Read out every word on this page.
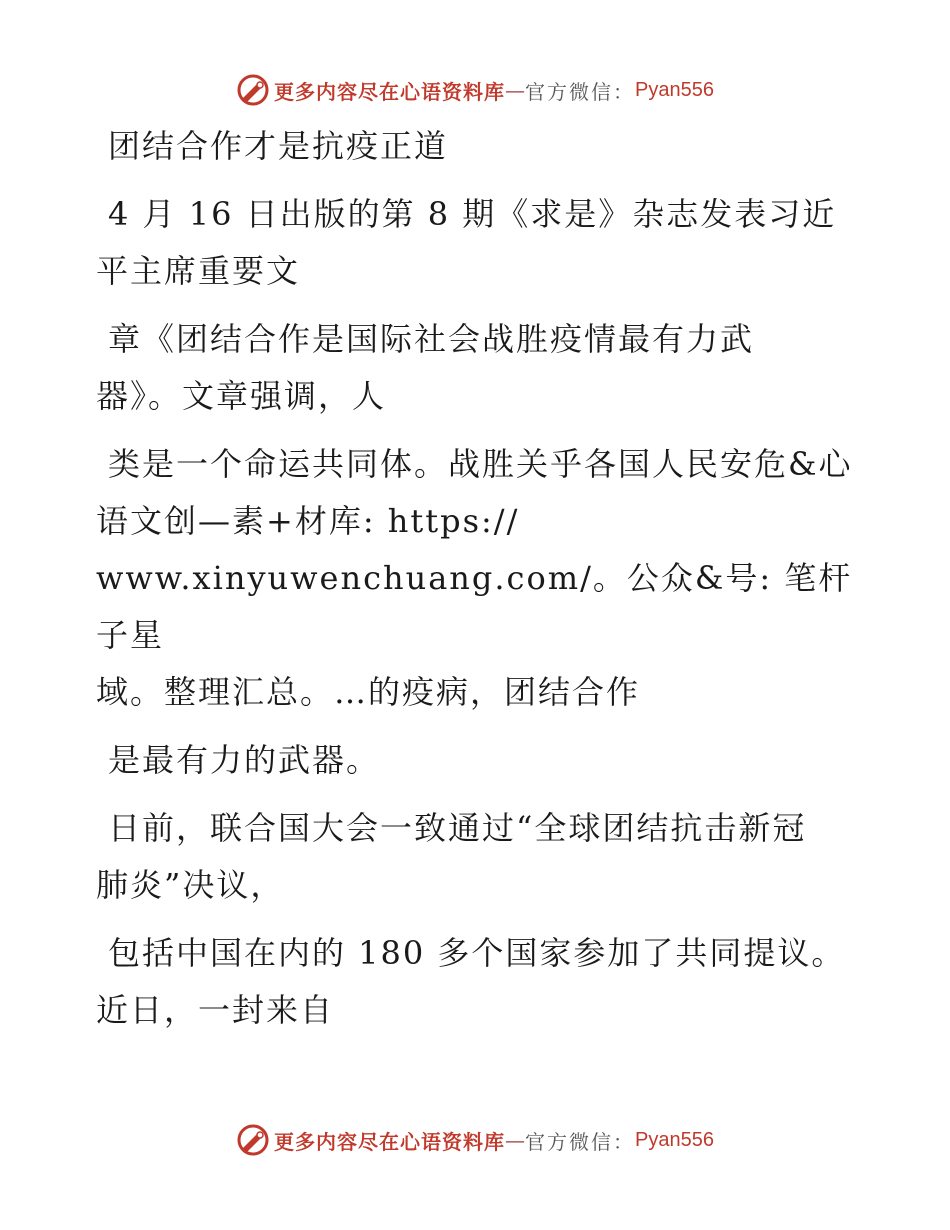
更多内容尽在心语资料库 — 官方微信： Pyan556
团结合作才是抗疫正道
4 月 16 日出版的第 8 期《求是》杂志发表习近
平主席重要文
章《团结合作是国际社会战胜疫情最有力武
器》。文章强调，人
类是一个命运共同体。战胜关乎各国人民安危&心
语文创—素+材库: https://
www.xinyuwenchuang.com/。公众&号: 笔杆子星
域。整理汇总。…的疫病，团结合作
是最有力的武器。
日前，联合国大会一致通过“全球团结抗击新冠
肺炎”决议，
包括中国在内的 180 多个国家参加了共同提议。
近日，一封来自
更多内容尽在心语资料库 — 官方微信： Pyan556
